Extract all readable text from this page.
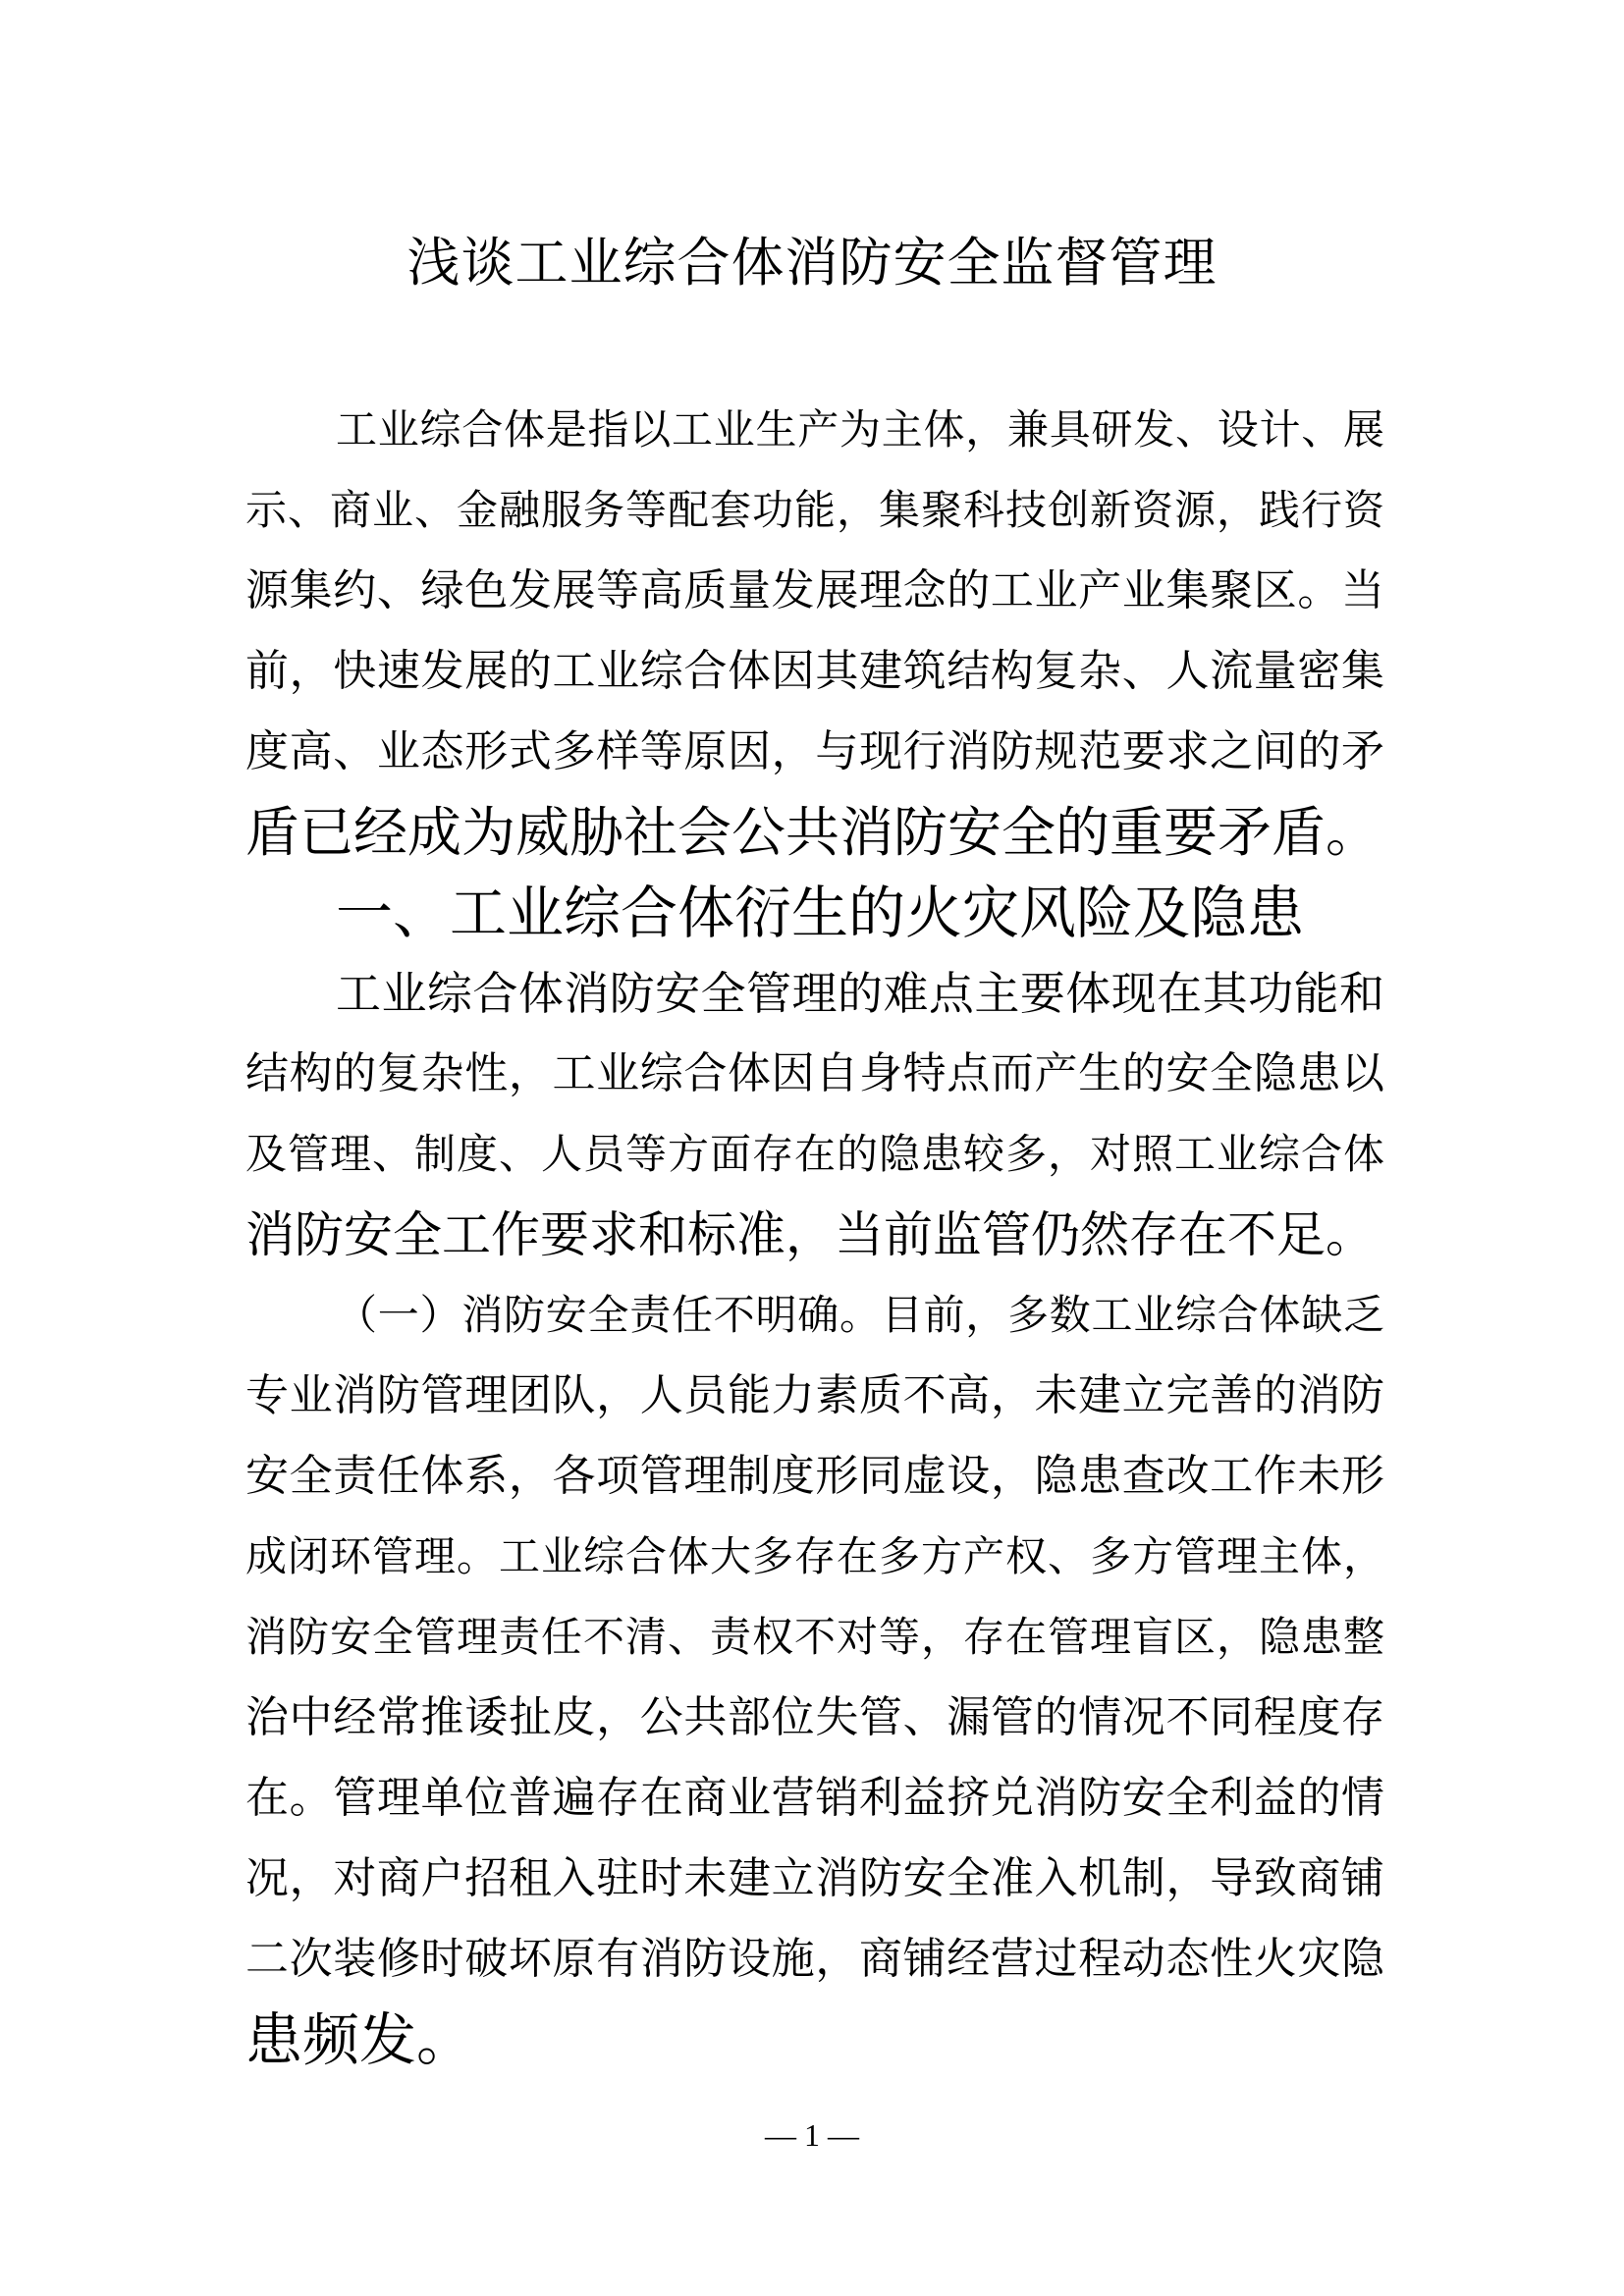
浅谈工业综合体消防安全监督管理
工业综合体是指以工业生产为主体，兼具研发、设计、展
示、商业、金融服务等配套功能，集聚科技创新资源，践行资
源集约、绿色发展等高质量发展理念的工业产业集聚区。当
前，快速发展的工业综合体因其建筑结构复杂、人流量密集
度高、业态形式多样等原因，与现行消防规范要求之间的矛
盾已经成为威胁社会公共消防安全的重要矛盾。
一、工业综合体衍生的火灾风险及隐患
工业综合体消防安全管理的难点主要体现在其功能和
结构的复杂性，工业综合体因自身特点而产生的安全隐患以
及管理、制度、人员等方面存在的隐患较多，对照工业综合体
消防安全工作要求和标准，当前监管仍然存在不足。
（一）消防安全责任不明确。目前，多数工业综合体缺乏
专业消防管理团队，人员能力素质不高，未建立完善的消防
安全责任体系，各项管理制度形同虚设，隐患查改工作未形
成闭环管理。工业综合体大多存在多方产权、多方管理主体，
消防安全管理责任不清、责权不对等，存在管理盲区，隐患整
治中经常推诿扯皮，公共部位失管、漏管的情况不同程度存
在。管理单位普遍存在商业营销利益挤兑消防安全利益的情
况，对商户招租入驻时未建立消防安全准入机制，导致商铺
二次装修时破坏原有消防设施，商铺经营过程动态性火灾隐
患频发。
— 1 —
